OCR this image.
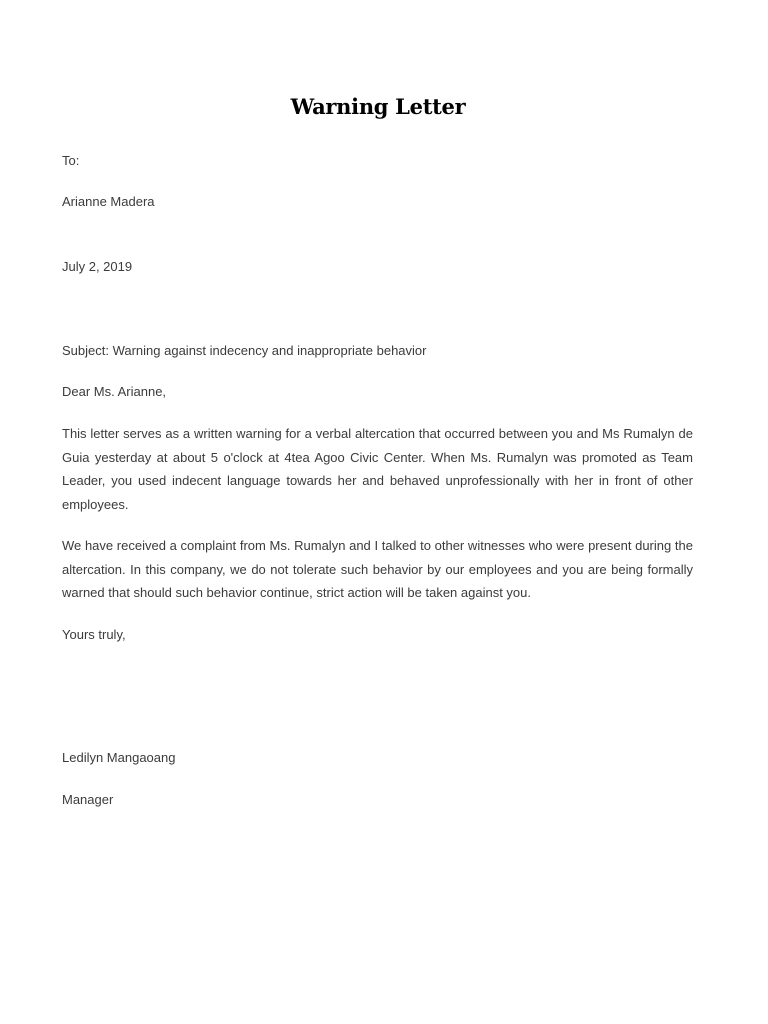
Warning Letter

To:

Arianne Madera

July 2, 2019

Subject: Warning against indecency and inappropriate behavior

Dear Ms. Arianne,

This letter serves as a written warning for a verbal altercation that occurred between you and Ms Rumalyn de Guia yesterday at about 5 o'clock at 4tea Agoo Civic Center. When Ms. Rumalyn was promoted as Team Leader, you used indecent language towards her and behaved unprofessionally with her in front of other employees.

We have received a complaint from Ms. Rumalyn and I talked to other witnesses who were present during the altercation. In this company, we do not tolerate such behavior by our employees and you are being formally warned that should such behavior continue, strict action will be taken against you.

Yours truly,

Ledilyn Mangaoang

Manager
